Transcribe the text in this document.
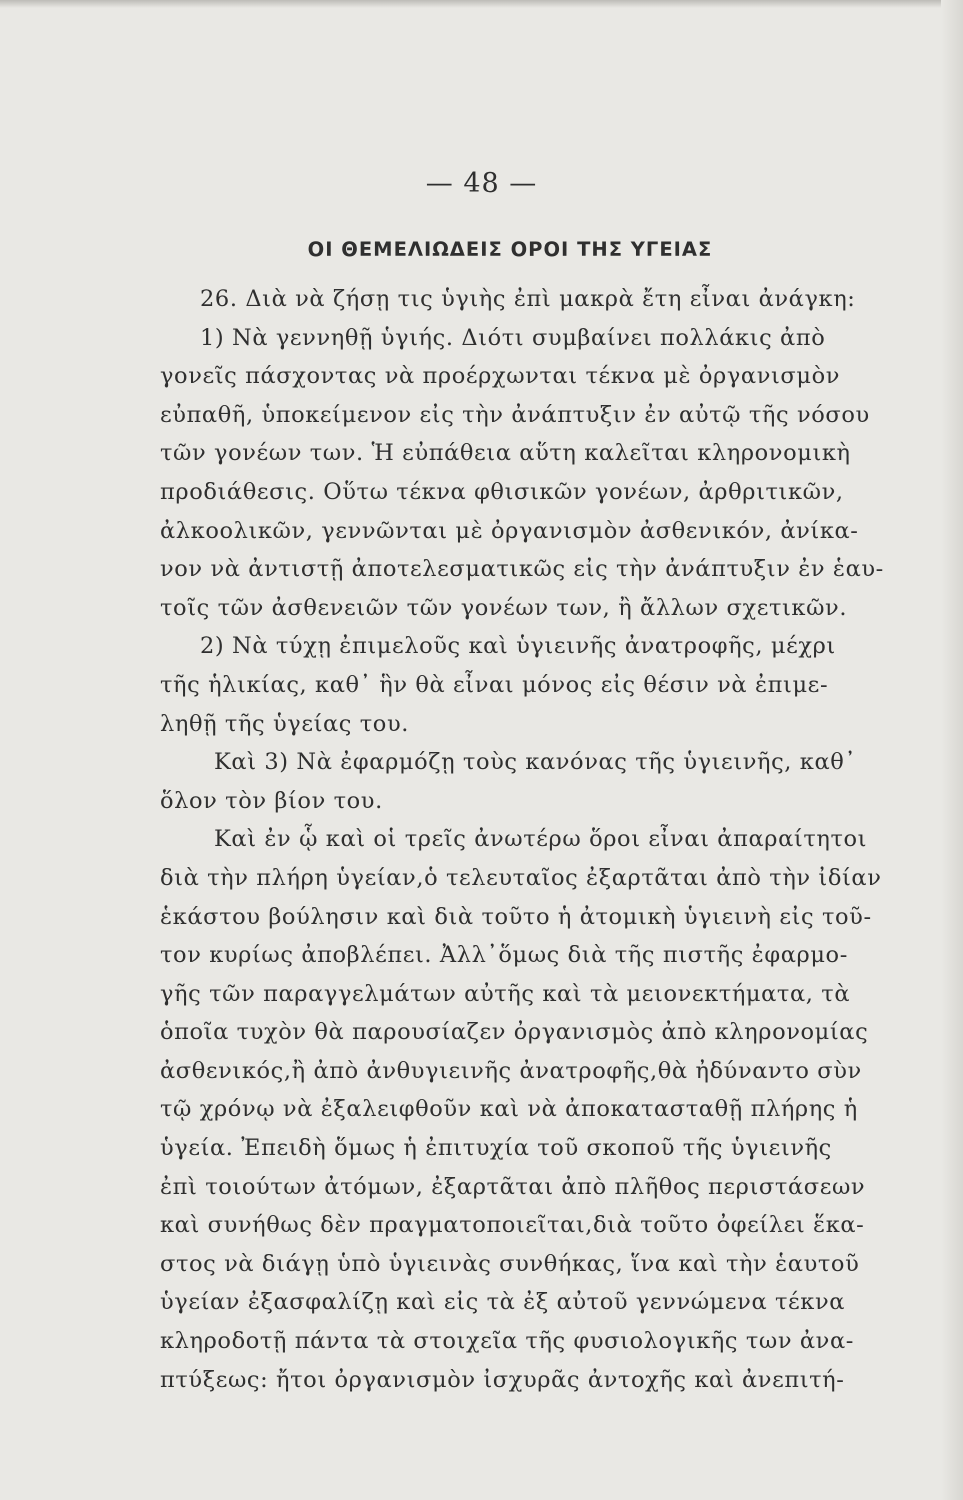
— 48 —
ΟΙ ΘΕΜΕΛΙΩΔΕΙΣ ΟΡΟΙ ΤΗΣ ΥΓΕΙΑΣ
26. Διὰ νὰ ζήσῃ τις ὑγιὴς ἐπὶ μακρὰ ἔτη εἶναι ἀνάγκη:
1) Νὰ γεννηθῇ ὑγιής. Διότι συμβαίνει πολλάκις ἀπὸ
γονεῖς πάσχοντας νὰ προέρχωνται τέκνα μὲ ὀργανισμὸν
εὐπαθῆ, ὑποκείμενον εἰς τὴν ἀνάπτυξιν ἐν αὐτῷ τῆς νόσου
τῶν γονέων των. Ἡ εὐπάθεια αὕτη καλεῖται κληρονομικὴ
προδιάθεσις. Οὕτω τέκνα φθισικῶν γονέων, ἀρθριτικῶν,
ἀλκοολικῶν, γεννῶνται μὲ ὀργανισμὸν ἀσθενικόν, ἀνίκα-
νον νὰ ἀντιστῇ ἀποτελεσματικῶς εἰς τὴν ἀνάπτυξιν ἐν ἑαυ-
τοῖς τῶν ἀσθενειῶν τῶν γονέων των, ἢ ἄλλων σχετικῶν.
2) Νὰ τύχῃ ἐπιμελοῦς καὶ ὑγιεινῆς ἀνατροφῆς, μέχρι
τῆς ἡλικίας, καθ᾽ ἣν θὰ εἶναι μόνος εἰς θέσιν νὰ ἐπιμε-
ληθῇ τῆς ὑγείας του.
Καὶ 3) Νὰ ἐφαρμόζῃ τοὺς κανόνας τῆς ὑγιεινῆς, καθ᾽
ὅλον τὸν βίον του.
Καὶ ἐν ᾧ καὶ οἱ τρεῖς ἀνωτέρω ὅροι εἶναι ἀπαραίτητοι
διὰ τὴν πλήρη ὑγείαν,ὁ τελευταῖος ἐξαρτᾶται ἀπὸ τὴν ἰδίαν
ἑκάστου βούλησιν καὶ διὰ τοῦτο ἡ ἀτομικὴ ὑγιεινὴ εἰς τοῦ-
τον κυρίως ἀποβλέπει. Ἀλλ᾽ὅμως διὰ τῆς πιστῆς ἐφαρμο-
γῆς τῶν παραγγελμάτων αὐτῆς καὶ τὰ μειονεκτήματα, τὰ
ὁποῖα τυχὸν θὰ παρουσίαζεν ὀργανισμὸς ἀπὸ κληρονομίας
ἀσθενικός,ἢ ἀπὸ ἀνθυγιεινῆς ἀνατροφῆς,θὰ ἠδύναντο σὺν
τῷ χρόνῳ νὰ ἐξαλειφθοῦν καὶ νὰ ἀποκατασταθῇ πλήρης ἡ
ὑγεία. Ἐπειδὴ ὅμως ἡ ἐπιτυχία τοῦ σκοποῦ τῆς ὑγιεινῆς
ἐπὶ τοιούτων ἀτόμων, ἐξαρτᾶται ἀπὸ πλῆθος περιστάσεων
καὶ συνήθως δὲν πραγματοποιεῖται,διὰ τοῦτο ὀφείλει ἕκα-
στος νὰ διάγῃ ὑπὸ ὑγιεινὰς συνθήκας, ἵνα καὶ τὴν ἑαυτοῦ
ὑγείαν ἐξασφαλίζῃ καὶ εἰς τὰ ἐξ αὐτοῦ γεννώμενα τέκνα
κληροδοτῇ πάντα τὰ στοιχεῖα τῆς φυσιολογικῆς των ἀνα-
πτύξεως: ἤτοι ὀργανισμὸν ἰσχυρᾶς ἀντοχῆς καὶ ἀνεπιτή-
